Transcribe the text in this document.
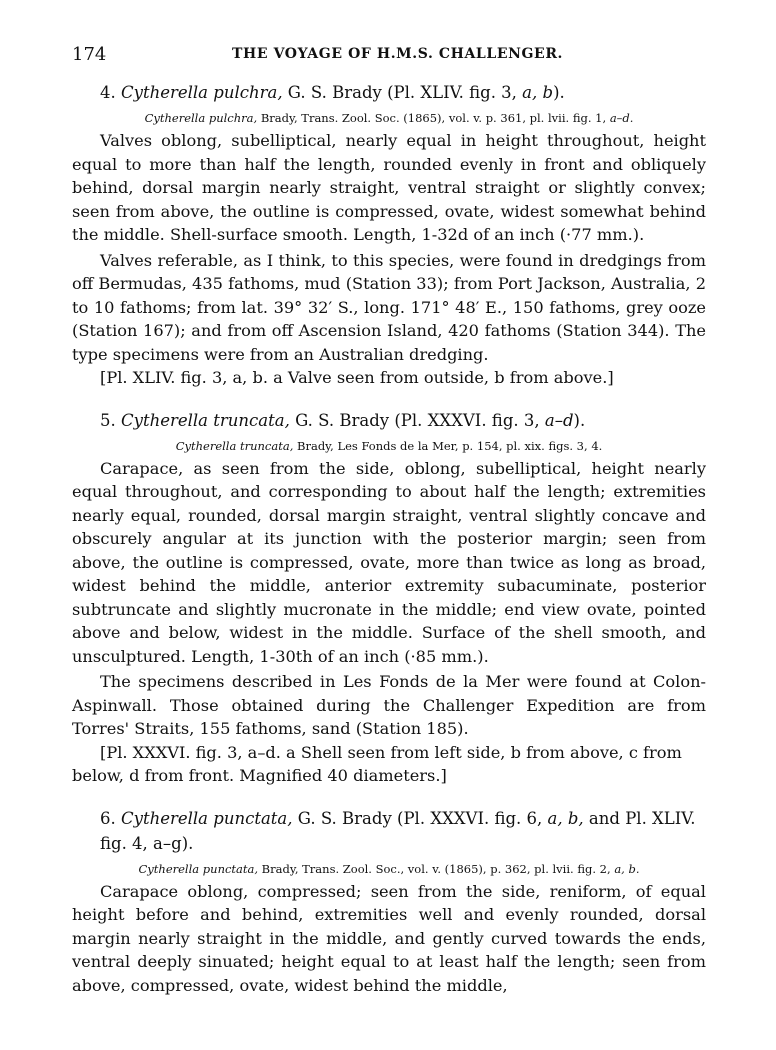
174	THE VOYAGE OF H.M.S. CHALLENGER.
4. Cytherella pulchra, G. S. Brady (Pl. XLIV. fig. 3, a, b).
Cytherella pulchra, Brady, Trans. Zool. Soc. (1865), vol. v. p. 361, pl. lvii. fig. 1, a–d.

Valves oblong, subelliptical, nearly equal in height throughout, height equal to more than half the length, rounded evenly in front and obliquely behind, dorsal margin nearly straight, ventral straight or slightly convex; seen from above, the outline is compressed, ovate, widest somewhat behind the middle. Shell-surface smooth. Length, 1-32d of an inch (·77 mm.).

Valves referable, as I think, to this species, were found in dredgings from off Bermudas, 435 fathoms, mud (Station 33); from Port Jackson, Australia, 2 to 10 fathoms; from lat. 39° 32′ S., long. 171° 48′ E., 150 fathoms, grey ooze (Station 167); and from off Ascension Island, 420 fathoms (Station 344). The type specimens were from an Australian dredging.

[Pl. XLIV. fig. 3, a, b. a Valve seen from outside, b from above.]

5. Cytherella truncata, G. S. Brady (Pl. XXXVI. fig. 3, a–d).
Cytherella truncata, Brady, Les Fonds de la Mer, p. 154, pl. xix. figs. 3, 4.

Carapace, as seen from the side, oblong, subelliptical, height nearly equal throughout, and corresponding to about half the length; extremities nearly equal, rounded, dorsal margin straight, ventral slightly concave and obscurely angular at its junction with the posterior margin; seen from above, the outline is compressed, ovate, more than twice as long as broad, widest behind the middle, anterior extremity subacuminate, posterior subtruncate and slightly mucronate in the middle; end view ovate, pointed above and below, widest in the middle. Surface of the shell smooth, and unsculptured. Length, 1-30th of an inch (·85 mm.).

The specimens described in Les Fonds de la Mer were found at Colon-Aspinwall. Those obtained during the Challenger Expedition are from Torres' Straits, 155 fathoms, sand (Station 185).

[Pl. XXXVI. fig. 3, a–d. a Shell seen from left side, b from above, c from below, d from front. Magnified 40 diameters.]

6. Cytherella punctata, G. S. Brady (Pl. XXXVI. fig. 6, a, b, and Pl. XLIV. fig. 4, a–g).
Cytherella punctata, Brady, Trans. Zool. Soc., vol. v. (1865), p. 362, pl. lvii. fig. 2, a, b.

Carapace oblong, compressed; seen from the side, reniform, of equal height before and behind, extremities well and evenly rounded, dorsal margin nearly straight in the middle, and gently curved towards the ends, ventral deeply sinuated; height equal to at least half the length; seen from above, compressed, ovate, widest behind the middle,
